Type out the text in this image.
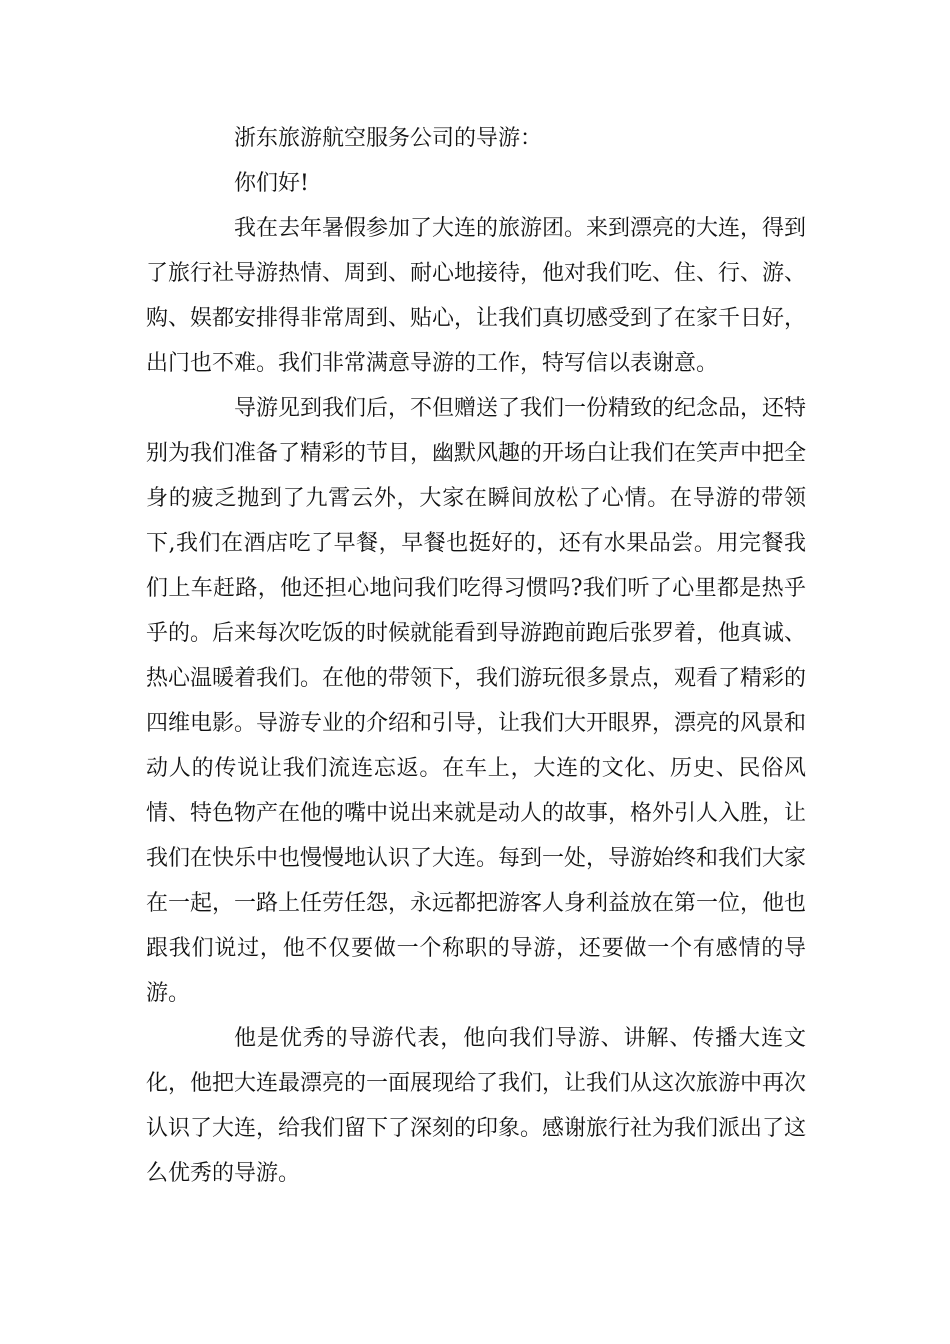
浙东旅游航空服务公司的导游：

你们好!

我在去年暑假参加了大连的旅游团。来到漂亮的大连，得到了旅行社导游热情、周到、耐心地接待，他对我们吃、住、行、游、购、娱都安排得非常周到、贴心，让我们真切感受到了在家千日好，出门也不难。我们非常满意导游的工作，特写信以表谢意。

导游见到我们后，不但赠送了我们一份精致的纪念品，还特别为我们准备了精彩的节目，幽默风趣的开场白让我们在笑声中把全身的疲乏抛到了九霄云外，大家在瞬间放松了心情。在导游的带领下,我们在酒店吃了早餐，早餐也挺好的，还有水果品尝。用完餐我们上车赶路，他还担心地问我们吃得习惯吗?我们听了心里都是热乎乎的。后来每次吃饭的时候就能看到导游跑前跑后张罗着，他真诚、热心温暖着我们。在他的带领下，我们游玩很多景点，观看了精彩的四维电影。导游专业的介绍和引导，让我们大开眼界，漂亮的风景和动人的传说让我们流连忘返。在车上，大连的文化、历史、民俗风情、特色物产在他的嘴中说出来就是动人的故事，格外引人入胜，让我们在快乐中也慢慢地认识了大连。每到一处，导游始终和我们大家在一起，一路上任劳任怨，永远都把游客人身利益放在第一位，他也跟我们说过，他不仅要做一个称职的导游，还要做一个有感情的导游。

他是优秀的导游代表，他向我们导游、讲解、传播大连文化，他把大连最漂亮的一面展现给了我们，让我们从这次旅游中再次认识了大连，给我们留下了深刻的印象。感谢旅行社为我们派出了这么优秀的导游。
